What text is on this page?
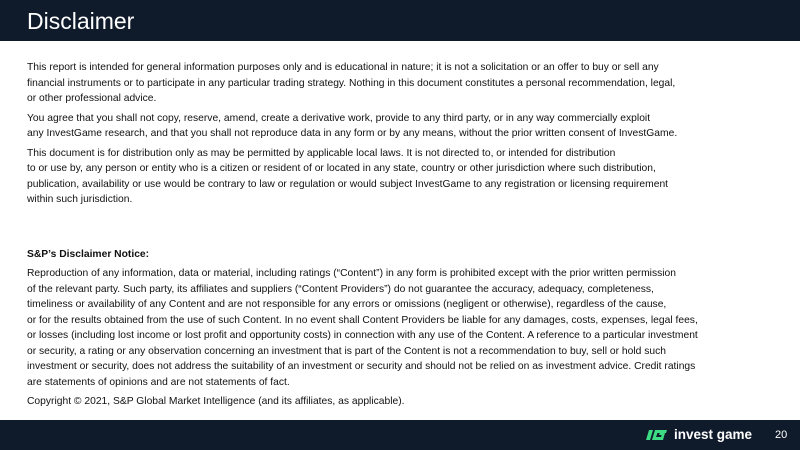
Disclaimer

This report is intended for general information purposes only and is educational in nature; it is not a solicitation or an offer to buy or sell any
financial instruments or to participate in any particular trading strategy. Nothing in this document constitutes a personal recommendation, legal,
or other professional advice.

You agree that you shall not copy, reserve, amend, create a derivative work, provide to any third party, or in any way commercially exploit
any InvestGame research, and that you shall not reproduce data in any form or by any means, without the prior written consent of InvestGame.

This document is for distribution only as may be permitted by applicable local laws. It is not directed to, or intended for distribution
to or use by, any person or entity who is a citizen or resident of or located in any state, country or other jurisdiction where such distribution,
publication, availability or use would be contrary to law or regulation or would subject InvestGame to any registration or licensing requirement
within such jurisdiction.

S&P’s Disclaimer Notice:

Reproduction of any information, data or material, including ratings (“Content”) in any form is prohibited except with the prior written permission
of the relevant party. Such party, its affiliates and suppliers (“Content Providers”) do not guarantee the accuracy, adequacy, completeness,
timeliness or availability of any Content and are not responsible for any errors or omissions (negligent or otherwise), regardless of the cause,
or for the results obtained from the use of such Content. In no event shall Content Providers be liable for any damages, costs, expenses, legal fees,
or losses (including lost income or lost profit and opportunity costs) in connection with any use of the Content. A reference to a particular investment
or security, a rating or any observation concerning an investment that is part of the Content is not a recommendation to buy, sell or hold such
investment or security, does not address the suitability of an investment or security and should not be relied on as investment advice. Credit ratings
are statements of opinions and are not statements of fact.

Copyright © 2021, S&P Global Market Intelligence (and its affiliates, as applicable).
invest game 20
